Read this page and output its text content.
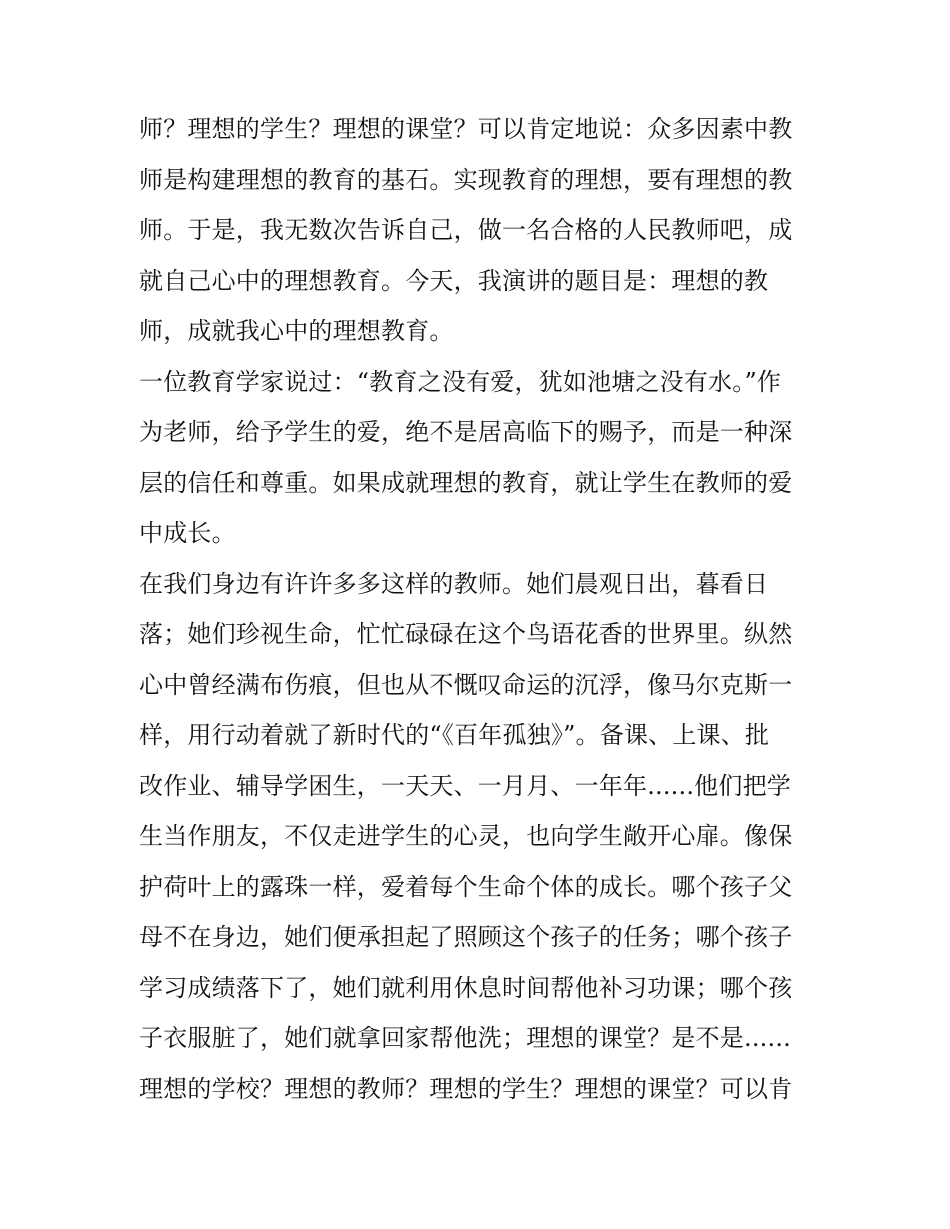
师？理想的学生？理想的课堂？可以肯定地说：众多因素中教
师是构建理想的教育的基石。实现教育的理想，要有理想的教
师。于是，我无数次告诉自己，做一名合格的人民教师吧，成
就自己心中的理想教育。今天，我演讲的题目是：理想的教
师，成就我心中的理想教育。
一位教育学家说过：“教育之没有爱，犹如池塘之没有水。”作
为老师，给予学生的爱，绝不是居高临下的赐予，而是一种深
层的信任和尊重。如果成就理想的教育，就让学生在教师的爱
中成长。
在我们身边有许许多多这样的教师。她们晨观日出，暮看日
落；她们珍视生命，忙忙碌碌在这个鸟语花香的世界里。纵然
心中曾经满布伤痕，但也从不慨叹命运的沉浮，像马尔克斯一
样，用行动着就了新时代的“《百年孤独》”。备课、上课、批
改作业、辅导学困生，一天天、一月月、一年年......他们把学
生当作朋友，不仅走进学生的心灵，也向学生敞开心扉。像保
护荷叶上的露珠一样，爱着每个生命个体的成长。哪个孩子父
母不在身边，她们便承担起了照顾这个孩子的任务；哪个孩子
学习成绩落下了，她们就利用休息时间帮他补习功课；哪个孩
子衣服脏了，她们就拿回家帮他洗；理想的课堂？是不是......
理想的学校？理想的教师？理想的学生？理想的课堂？可以肯
